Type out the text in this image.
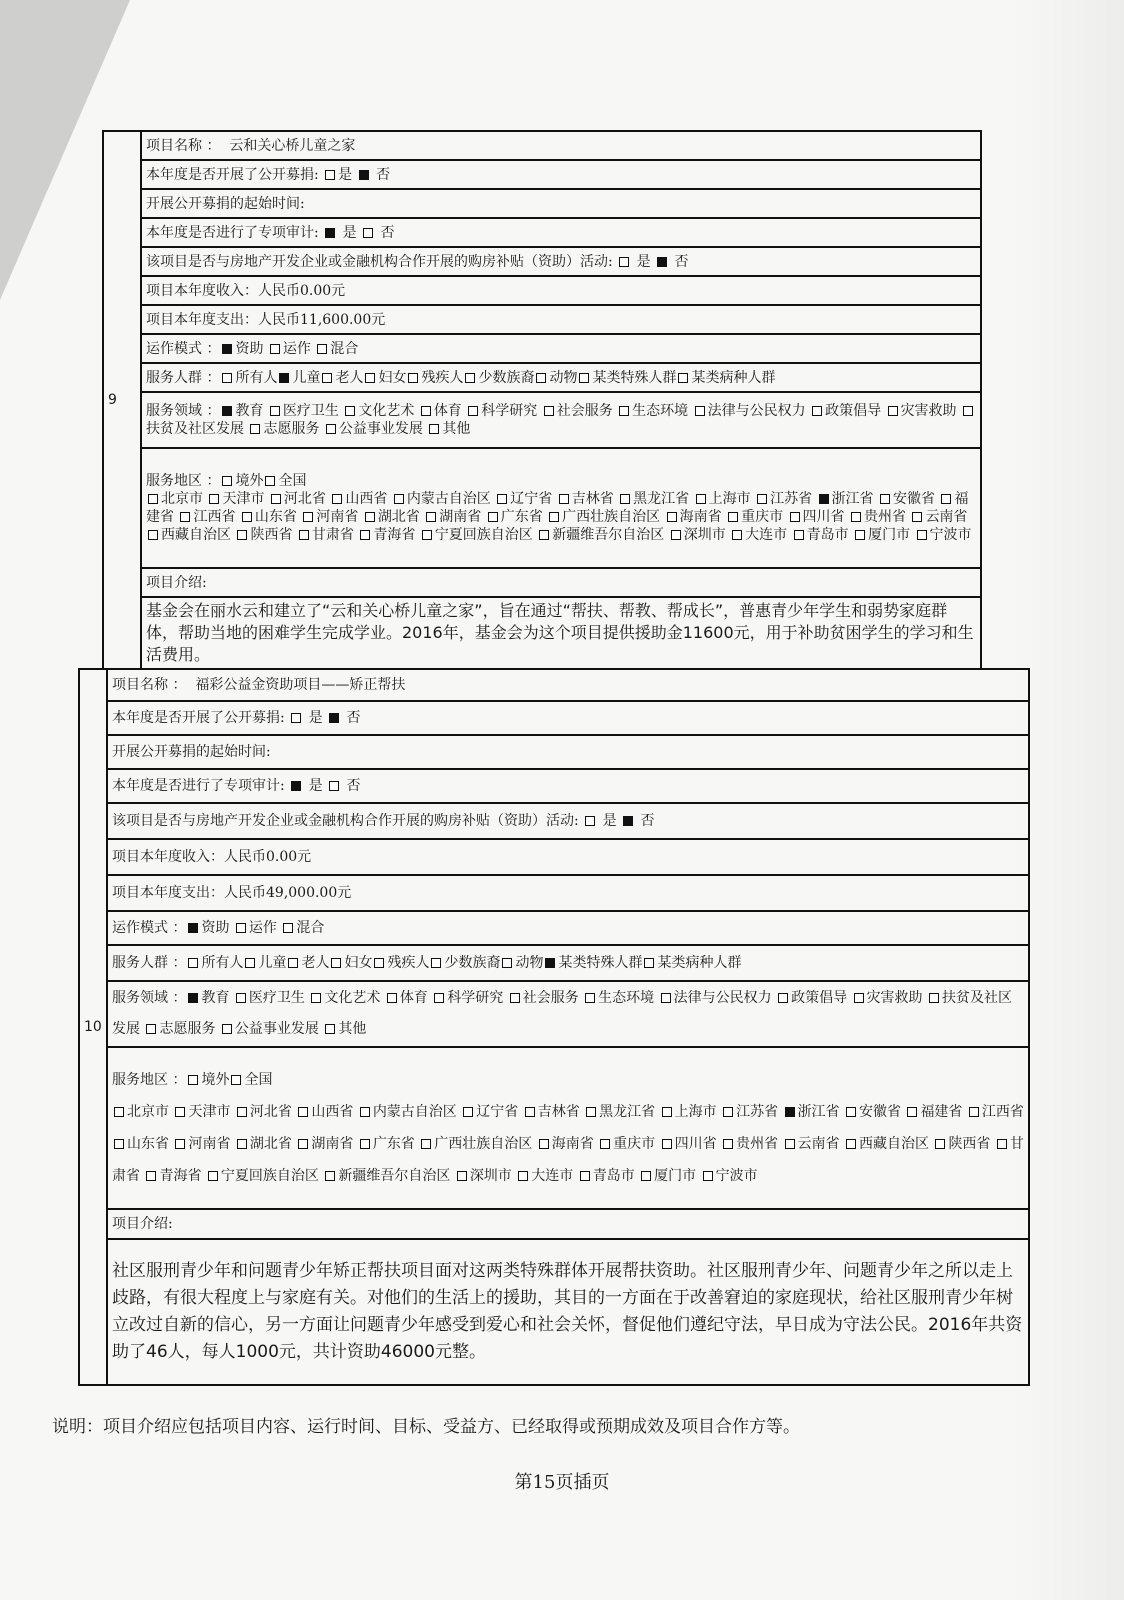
9	项目名称 ： 云和关心桥儿童之家
本年度是否开展了公开募捐: 是 否
开展公开募捐的起始时间:
本年度是否进行了专项审计: 是 否
该项目是否与房地产开发企业或金融机构合作开展的购房补贴（资助）活动: 是 否
项目本年度收入：人民币0.00元
项目本年度支出：人民币11,600.00元
运作模式 ： 资助 运作 混合
服务人群 ： 所有人 儿童 老人 妇女 残疾人 少数族裔 动物 某类特殊人群 某类病种人群
服务领域 ： 教育 医疗卫生 文化艺术 体育 科学研究 社会服务 生态环境 法律与公民权力 政策倡导 灾害救助 扶贫及社区发展 志愿服务 公益事业发展 其他
服务地区 ： 境外 全国
北京市 天津市 河北省 山西省 内蒙古自治区 辽宁省 吉林省 黑龙江省 上海市 江苏省 浙江省 安徽省 福建省 江西省 山东省 河南省 湖北省 湖南省 广东省 广西壮族自治区 海南省 重庆市 四川省 贵州省 云南省 西藏自治区 陕西省 甘肃省 青海省 宁夏回族自治区 新疆维吾尔自治区 深圳市 大连市 青岛市 厦门市 宁波市
项目介绍:
基金会在丽水云和建立了“云和关心桥儿童之家”，旨在通过“帮扶、帮教、帮成长”，普惠青少年学生和弱势家庭群体，帮助当地的困难学生完成学业。2016年，基金会为这个项目提供援助金11600元，用于补助贫困学生的学习和生活费用。
10	项目名称 ： 福彩公益金资助项目——矫正帮扶
本年度是否开展了公开募捐: 是 否
开展公开募捐的起始时间:
本年度是否进行了专项审计: 是 否
该项目是否与房地产开发企业或金融机构合作开展的购房补贴（资助）活动: 是 否
项目本年度收入：人民币0.00元
项目本年度支出：人民币49,000.00元
运作模式 ： 资助 运作 混合
服务人群 ： 所有人 儿童 老人 妇女 残疾人 少数族裔 动物 某类特殊人群 某类病种人群
服务领域 ： 教育 医疗卫生 文化艺术 体育 科学研究 社会服务 生态环境 法律与公民权力 政策倡导 灾害救助 扶贫及社区发展 志愿服务 公益事业发展 其他
服务地区 ： 境外 全国
北京市 天津市 河北省 山西省 内蒙古自治区 辽宁省 吉林省 黑龙江省 上海市 江苏省 浙江省 安徽省 福建省 江西省 山东省 河南省 湖北省 湖南省 广东省 广西壮族自治区 海南省 重庆市 四川省 贵州省 云南省 西藏自治区 陕西省 甘肃省 青海省 宁夏回族自治区 新疆维吾尔自治区 深圳市 大连市 青岛市 厦门市 宁波市
项目介绍:
社区服刑青少年和问题青少年矫正帮扶项目面对这两类特殊群体开展帮扶资助。社区服刑青少年、问题青少年之所以走上歧路，有很大程度上与家庭有关。对他们的生活上的援助，其目的一方面在于改善窘迫的家庭现状，给社区服刑青少年树立改过自新的信心，另一方面让问题青少年感受到爱心和社会关怀，督促他们遵纪守法，早日成为守法公民。2016年共资助了46人，每人1000元，共计资助46000元整。
说明：项目介绍应包括项目内容、运行时间、目标、受益方、已经取得或预期成效及项目合作方等。
第15页插页
